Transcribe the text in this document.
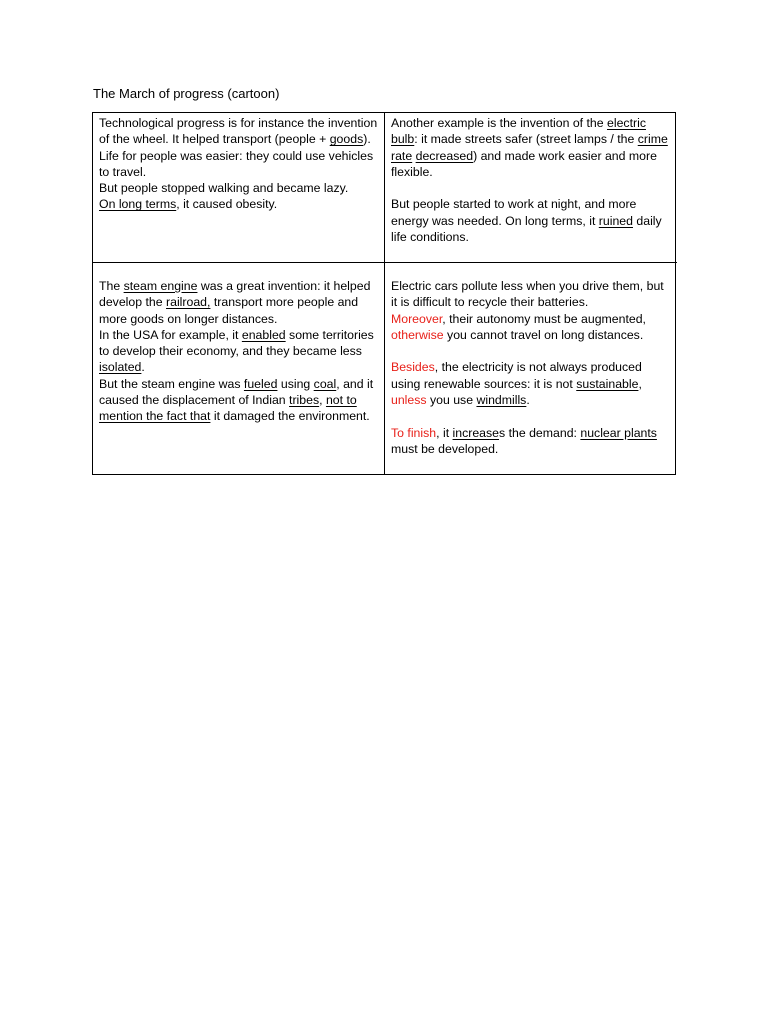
The March of progress (cartoon)

Technological progress is for instance the invention of the wheel. It helped transport (people + goods).

Life for people was easier: they could use vehicles to travel.

But people stopped walking and became lazy.

On long terms, it caused obesity.

Another example is the invention of the electric bulb: it made streets safer (street lamps / the crime rate decreased) and made work easier and more flexible.

But people started to work at night, and more energy was needed. On long terms, it ruined daily life conditions.

The steam engine was a great invention: it helped develop the railroad, transport more people and more goods on longer distances.

In the USA for example, it enabled some territories to develop their economy, and they became less isolated.

But the steam engine was fueled using coal, and it caused the displacement of Indian tribes, not to mention the fact that it damaged the environment.

Electric cars pollute less when you drive them, but it is difficult to recycle their batteries.

Moreover, their autonomy must be augmented, otherwise you cannot travel on long distances.

Besides, the electricity is not always produced using renewable sources: it is not sustainable, unless you use windmills.

To finish, it increases the demand: nuclear plants must be developed.
